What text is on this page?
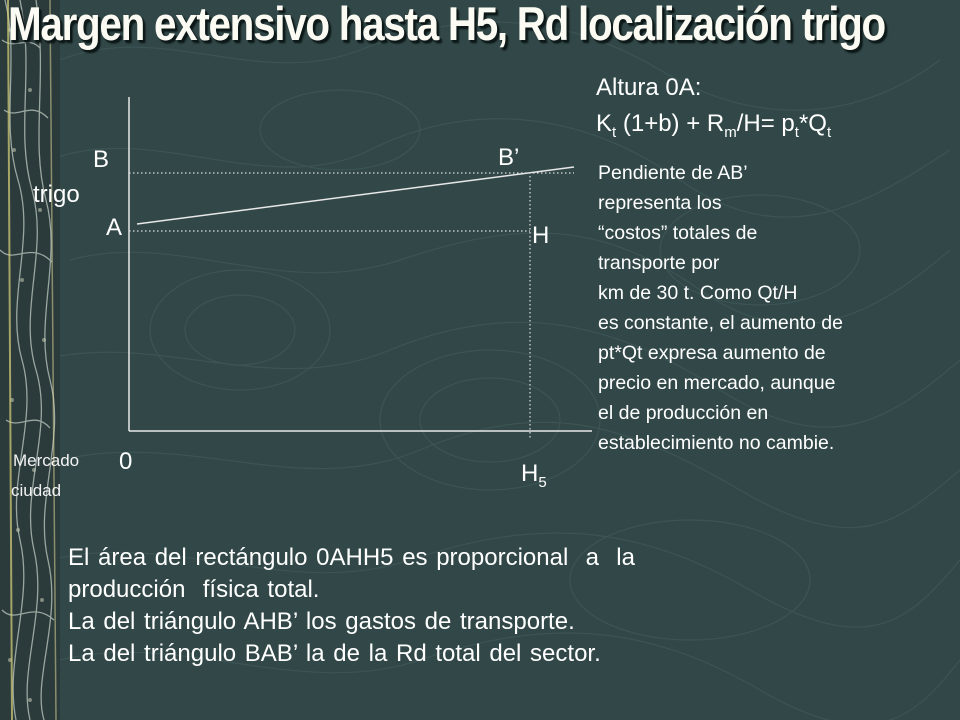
Margen extensivo hasta H5, Rd localización trigo
B	B’
trigo
A	H
0	$H_5$
Mercado
ciudad
Altura 0A:
$K_t$ $(1+b) + R_m/H= p_t*Q_t$
Pendiente de AB’
representa los
“costos” totales de
transporte por
km de 30 t. Como Qt/H
es constante, el aumento de
pt*Qt expresa aumento de
precio en mercado, aunque
el de producción en
establecimiento no cambie.
El área del rectángulo 0AHH5 es proporcional  a  la
producción  física total.
La del triángulo AHB’ los gastos de transporte.
La del triángulo BAB’ la de la Rd total del sector.
